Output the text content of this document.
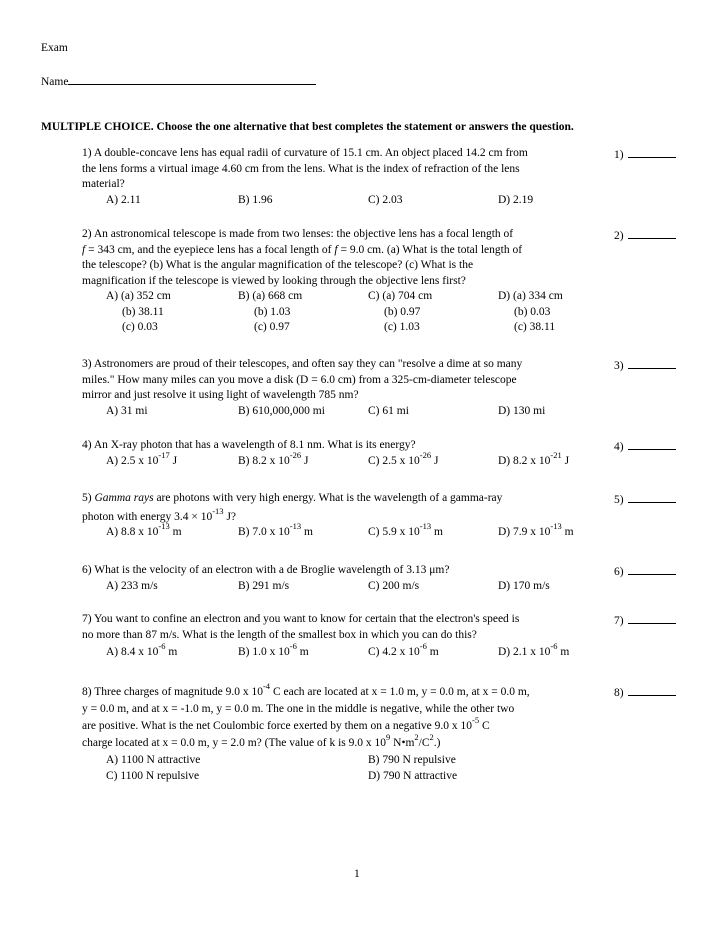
Exam
Name
MULTIPLE CHOICE. Choose the one alternative that best completes the statement or answers the question.
1) A double-concave lens has equal radii of curvature of 15.1 cm. An object placed 14.2 cm from
the lens forms a virtual image 4.60 cm from the lens. What is the index of refraction of the lens
material?
A) 2.11	B) 1.96	C) 2.03	D) 2.19
1)
2) An astronomical telescope is made from two lenses: the objective lens has a focal length of
f = 343 cm, and the eyepiece lens has a focal length of f = 9.0 cm. (a) What is the total length of
the telescope? (b) What is the angular magnification of the telescope? (c) What is the
magnification if the telescope is viewed by looking through the objective lens first?
A) (a) 352 cm	B) (a) 668 cm	C) (a) 704 cm	D) (a) 334 cm
(b) 38.11	(b) 1.03	(b) 0.97	(b) 0.03
(c) 0.03	(c) 0.97	(c) 1.03	(c) 38.11
2)
3) Astronomers are proud of their telescopes, and often say they can "resolve a dime at so many
miles." How many miles can you move a disk (D = 6.0 cm) from a 325-cm-diameter telescope
mirror and just resolve it using light of wavelength 785 nm?
A) 31 mi	B) 610,000,000 mi	C) 61 mi	D) 130 mi
3)
4) An X-ray photon that has a wavelength of 8.1 nm. What is its energy?
A) 2.5 x $10^{-17}$ J	B) 8.2 x $10^{-26}$ J	C) 2.5 x $10^{-26}$ J	D) 8.2 x $10^{-21}$ J
4)
5) Gamma rays are photons with very high energy. What is the wavelength of a gamma-ray
photon with energy $3.4 \times 10^{-13}$ J?
A) 8.8 x $10^{-13}$ m	B) 7.0 x $10^{-13}$ m	C) 5.9 x $10^{-13}$ m	D) 7.9 x $10^{-13}$ m
5)
6) What is the velocity of an electron with a de Broglie wavelength of 3.13 μm?
A) 233 m/s	B) 291 m/s	C) 200 m/s	D) 170 m/s
6)
7) You want to confine an electron and you want to know for certain that the electron's speed is
no more than 87 m/s. What is the length of the smallest box in which you can do this?
A) 8.4 x $10^{-6}$ m	B) 1.0 x $10^{-6}$ m	C) 4.2 x $10^{-6}$ m	D) 2.1 x $10^{-6}$ m
7)
8) Three charges of magnitude 9.0 x $10^{-4}$ C each are located at x = 1.0 m, y = 0.0 m, at x = 0.0 m,
y = 0.0 m, and at x = -1.0 m, y = 0.0 m. The one in the middle is negative, while the other two
are positive. What is the net Coulombic force exerted by them on a negative 9.0 x $10^{-5}$ C
charge located at x = 0.0 m, y = 2.0 m? (The value of k is 9.0 x $10^9$ $N•m^2/C^2$.)
A) 1100 N attractive	B) 790 N repulsive
C) 1100 N repulsive	D) 790 N attractive
8)
1
